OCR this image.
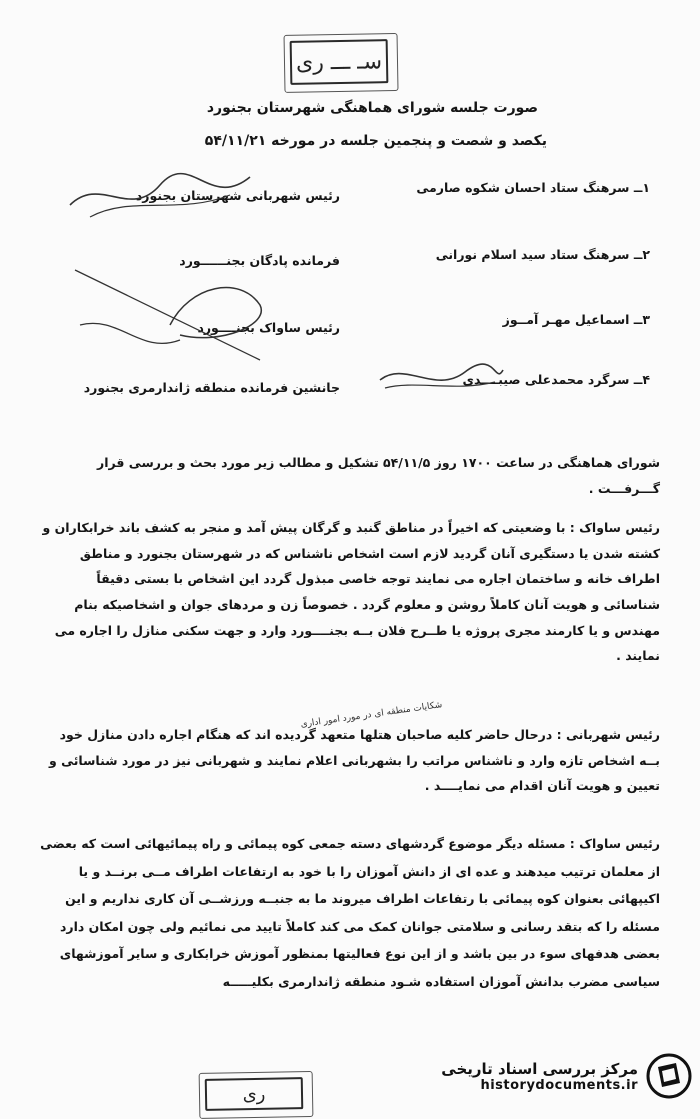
سـ ـــ ری
صورت جلسه شورای هماهنگی شهرستان بجنورد
یکصد و شصت و پنجمین جلسه در مورخه ۵۴/۱۱/۲۱
۱ــ سرهنگ ستاد احسان شکوه صارمی
رئیس شهربانی شهرستان بجنورد
۲ــ سرهنگ ستاد سید اسلام نورانی
فرمانده پادگان بجنــــــورد
۳ــ اسماعیل مهـر آمــوز
رئیس ساواک بجنــــورد
۴ــ سرگرد محمدعلی صیبــــدی
جانشین فرمانده منطقه ژاندارمری بجنورد
شورای هماهنگی در ساعت ۱۷۰۰ روز ۵۴/۱۱/۵ تشکیل و مطالب زیر مورد بحث و بررسی قرار گـــرفـــت .
رئیس ساواک : با وضعیتی که اخیراً در مناطق گنبد و گرگان پیش آمد و منجر به کشف باند خرابکاران و کشته شدن یا دستگیری آنان گردید لازم است اشخاص ناشناس که در شهرستان بجنورد و مناطق اطراف خانه و ساختمان اجاره می نمایند توجه خاصی مبذول گردد این اشخاص با بستی دقیقاً شناسائی و هویت آنان کاملاً روشن و معلوم گردد . خصوصاً زن و مردهای جوان و اشخاصیکه بنام مهندس و یا کارمند مجری پروژه یا طــرح فلان بــه بجنــــورد وارد و جهت سکنی منازل را اجاره می نمایند .
شکایات منطقه ای در مورد امور اداری
رئیس شهربانی : درحال حاضر کلیه صاحبان هتلها متعهد گردیده اند که هنگام اجاره دادن منازل خود بــه اشخاص تازه وارد و ناشناس مراتب را بشهربانی اعلام نمایند و شهربانی نیز در مورد شناسائی و تعیین و هویت آنان اقدام می نمایــــد .
رئیس ساواک : مسئله دیگر موضوع گردشهای دسته جمعی کوه پیمائی و راه پیمائیهائی است که بعضی از معلمان ترتیب میدهند و عده ای از دانش آموزان را با خود به ارتفاعات اطراف مــی برنــد و یا اکیپهائی بعنوان کوه پیمائی با رتفاعات اطراف میروند ما به جنبــه ورزشــی آن کاری نداریم و این مسئله را که بتقد رسانی و سلامتی جوانان کمک می کند کاملاً تایید می نمائیم ولی چون امکان دارد بعضی هدفهای سوء در بین باشد و از این نوع فعالیتها بمنظور آموزش خرابکاری و سایر آموزشهای سیاسی مضرب بدانش آموزان استفاده شـود منطقه ژاندارمری بکلیـــــه
ری
مرکز بررسی اسناد تاریخی
historydocuments.ir
